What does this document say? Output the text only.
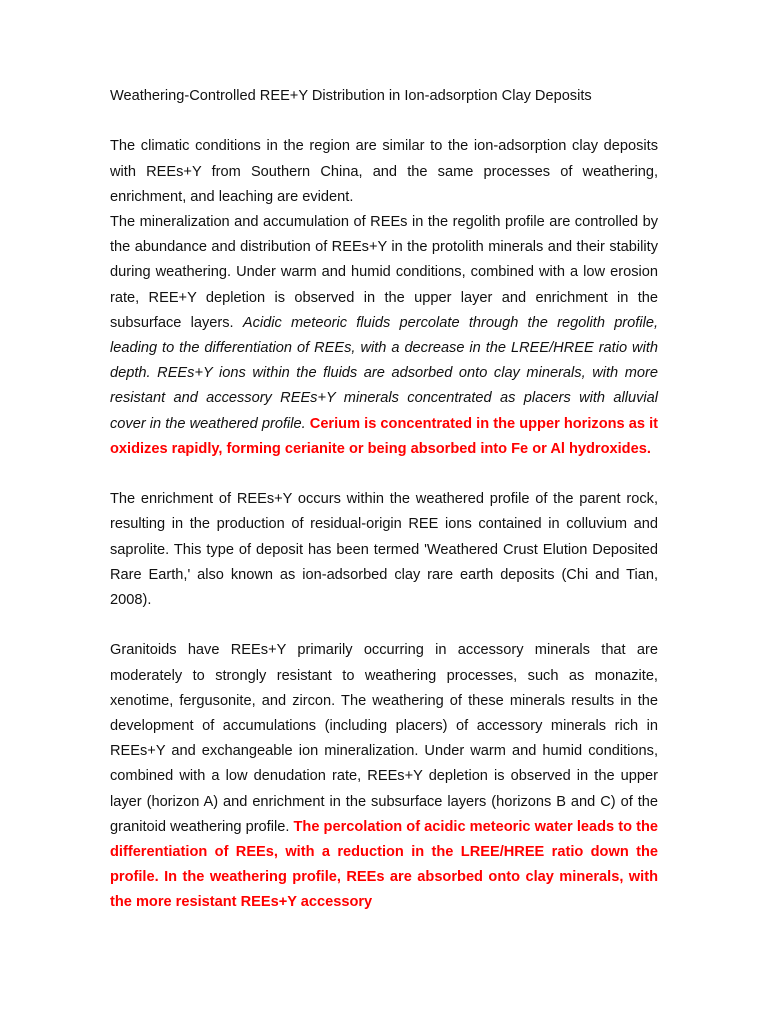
Weathering-Controlled REE+Y Distribution in Ion-adsorption Clay Deposits

The climatic conditions in the region are similar to the ion-adsorption clay deposits with REEs+Y from Southern China, and the same processes of weathering, enrichment, and leaching are evident.

The mineralization and accumulation of REEs in the regolith profile are controlled by the abundance and distribution of REEs+Y in the protolith minerals and their stability during weathering. Under warm and humid conditions, combined with a low erosion rate, REE+Y depletion is observed in the upper layer and enrichment in the subsurface layers. Acidic meteoric fluids percolate through the regolith profile, leading to the differentiation of REEs, with a decrease in the LREE/HREE ratio with depth. REEs+Y ions within the fluids are adsorbed onto clay minerals, with more resistant and accessory REEs+Y minerals concentrated as placers with alluvial cover in the weathered profile. Cerium is concentrated in the upper horizons as it oxidizes rapidly, forming cerianite or being absorbed into Fe or Al hydroxides.

The enrichment of REEs+Y occurs within the weathered profile of the parent rock, resulting in the production of residual-origin REE ions contained in colluvium and saprolite. This type of deposit has been termed 'Weathered Crust Elution Deposited Rare Earth,' also known as ion-adsorbed clay rare earth deposits (Chi and Tian, 2008).

Granitoids have REEs+Y primarily occurring in accessory minerals that are moderately to strongly resistant to weathering processes, such as monazite, xenotime, fergusonite, and zircon. The weathering of these minerals results in the development of accumulations (including placers) of accessory minerals rich in REEs+Y and exchangeable ion mineralization. Under warm and humid conditions, combined with a low denudation rate, REEs+Y depletion is observed in the upper layer (horizon A) and enrichment in the subsurface layers (horizons B and C) of the granitoid weathering profile. The percolation of acidic meteoric water leads to the differentiation of REEs, with a reduction in the LREE/HREE ratio down the profile. In the weathering profile, REEs are absorbed onto clay minerals, with the more resistant REEs+Y accessory
